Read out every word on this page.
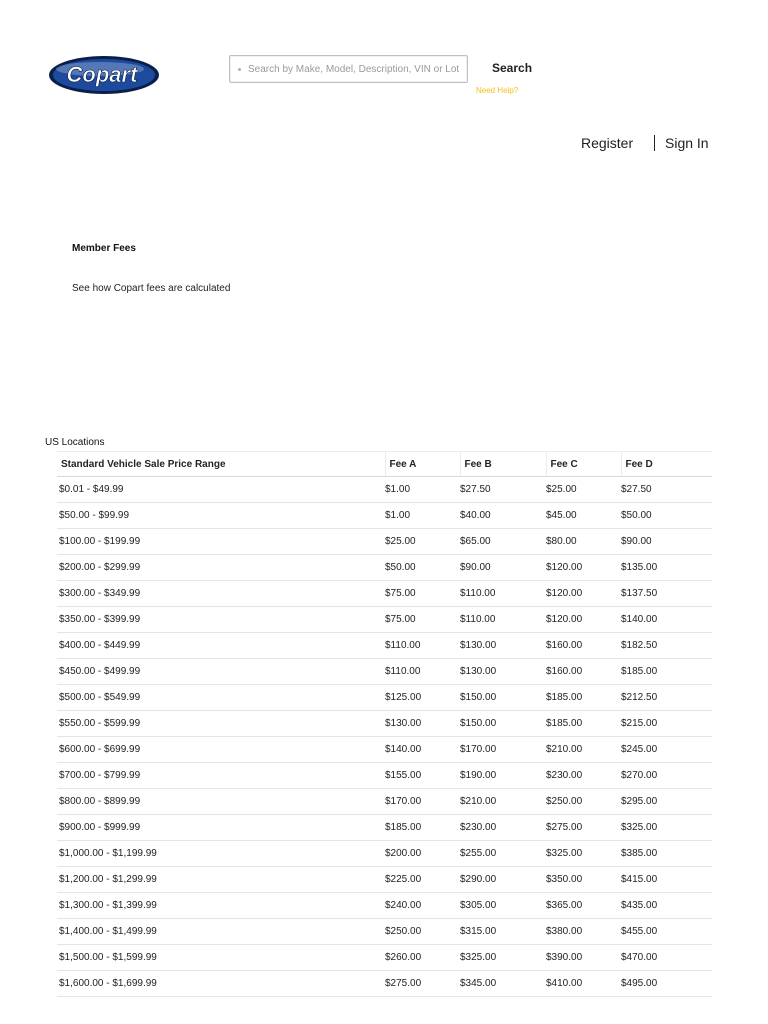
Copart
Search by Make, Model, Description, VIN or Lot	Search
Need Help?
Register Sign In
Member Fees
See how Copart fees are calculated
US Locations
Standard Vehicle Sale Price Range	Fee A	Fee B	Fee C	Fee D
$0.01 - $49.99	$1.00	$27.50	$25.00	$27.50
$50.00 - $99.99	$1.00	$40.00	$45.00	$50.00
$100.00 - $199.99	$25.00	$65.00	$80.00	$90.00
$200.00 - $299.99	$50.00	$90.00	$120.00	$135.00
$300.00 - $349.99	$75.00	$110.00	$120.00	$137.50
$350.00 - $399.99	$75.00	$110.00	$120.00	$140.00
$400.00 - $449.99	$110.00	$130.00	$160.00	$182.50
$450.00 - $499.99	$110.00	$130.00	$160.00	$185.00
$500.00 - $549.99	$125.00	$150.00	$185.00	$212.50
$550.00 - $599.99	$130.00	$150.00	$185.00	$215.00
$600.00 - $699.99	$140.00	$170.00	$210.00	$245.00
$700.00 - $799.99	$155.00	$190.00	$230.00	$270.00
$800.00 - $899.99	$170.00	$210.00	$250.00	$295.00
$900.00 - $999.99	$185.00	$230.00	$275.00	$325.00
$1,000.00 - $1,199.99	$200.00	$255.00	$325.00	$385.00
$1,200.00 - $1,299.99	$225.00	$290.00	$350.00	$415.00
$1,300.00 - $1,399.99	$240.00	$305.00	$365.00	$435.00
$1,400.00 - $1,499.99	$250.00	$315.00	$380.00	$455.00
$1,500.00 - $1,599.99	$260.00	$325.00	$390.00	$470.00
$1,600.00 - $1,699.99	$275.00	$345.00	$410.00	$495.00
